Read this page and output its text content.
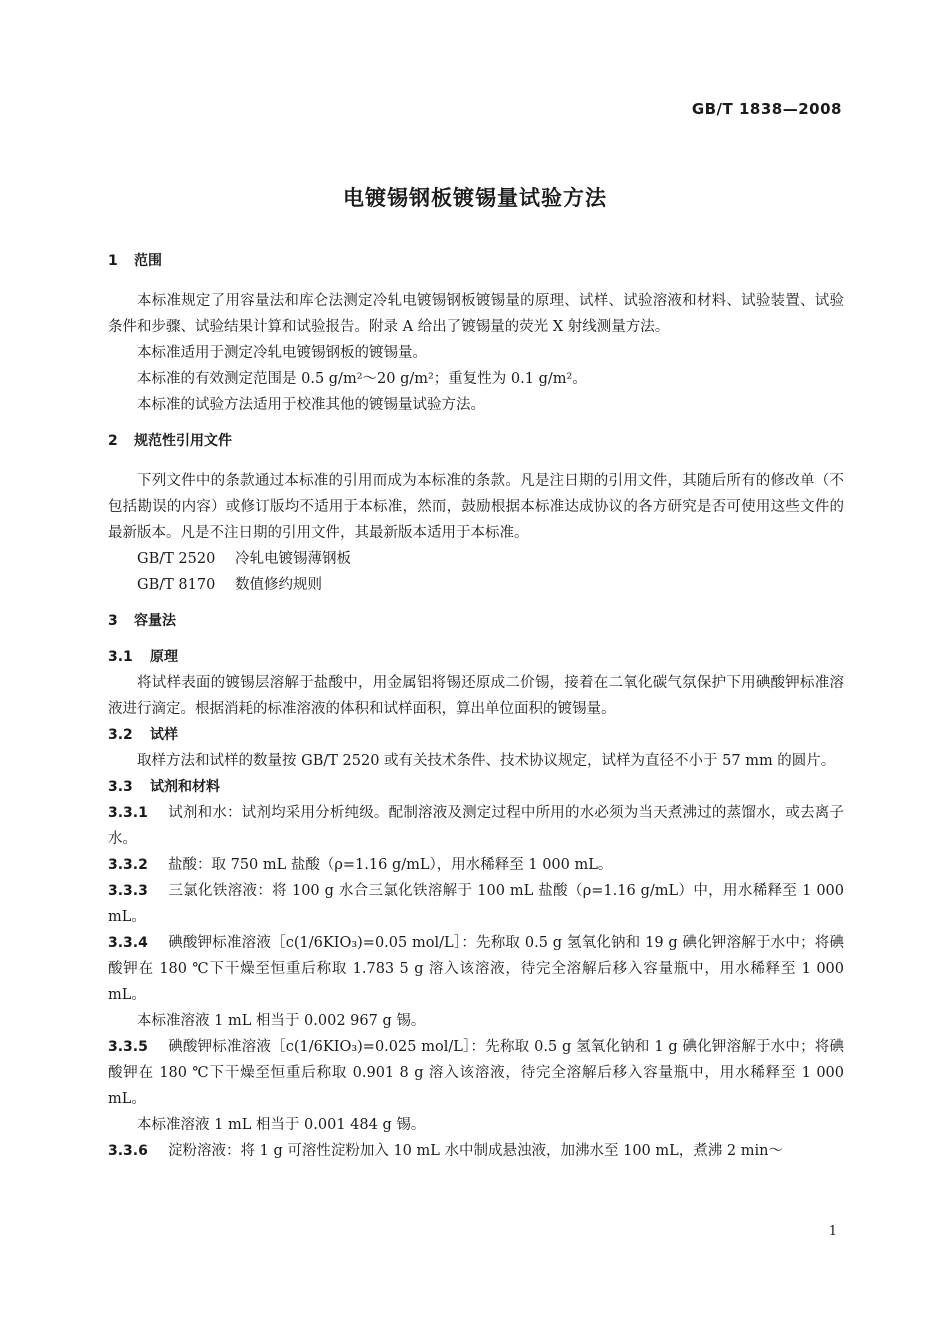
GB/T 1838—2008
电镀锡钢板镀锡量试验方法
1 范围
本标准规定了用容量法和库仑法测定冷轧电镀锡钢板镀锡量的原理、试样、试验溶液和材料、试验装置、试验条件和步骤、试验结果计算和试验报告。附录 A 给出了镀锡量的荧光 X 射线测量方法。
本标准适用于测定冷轧电镀锡钢板的镀锡量。
本标准的有效测定范围是 0.5 g/m²～20 g/m²；重复性为 0.1 g/m²。
本标准的试验方法适用于校准其他的镀锡量试验方法。
2 规范性引用文件
下列文件中的条款通过本标准的引用而成为本标准的条款。凡是注日期的引用文件，其随后所有的修改单（不包括勘误的内容）或修订版均不适用于本标准，然而，鼓励根据本标准达成协议的各方研究是否可使用这些文件的最新版本。凡是不注日期的引用文件，其最新版本适用于本标准。
GB/T 2520 冷轧电镀锡薄钢板
GB/T 8170 数值修约规则
3 容量法
3.1 原理
将试样表面的镀锡层溶解于盐酸中，用金属铝将锡还原成二价锡，接着在二氧化碳气氛保护下用碘酸钾标准溶液进行滴定。根据消耗的标准溶液的体积和试样面积，算出单位面积的镀锡量。
3.2 试样
取样方法和试样的数量按 GB/T 2520 或有关技术条件、技术协议规定，试样为直径不小于 57 mm 的圆片。
3.3 试剂和材料
3.3.1 试剂和水：试剂均采用分析纯级。配制溶液及测定过程中所用的水必须为当天煮沸过的蒸馏水，或去离子水。
3.3.2 盐酸：取 750 mL 盐酸（ρ=1.16 g/mL），用水稀释至 1 000 mL。
3.3.3 三氯化铁溶液：将 100 g 水合三氯化铁溶解于 100 mL 盐酸（ρ=1.16 g/mL）中，用水稀释至 1 000 mL。
3.3.4 碘酸钾标准溶液［c(1/6KIO₃)=0.05 mol/L］：先称取 0.5 g 氢氧化钠和 19 g 碘化钾溶解于水中；将碘酸钾在 180 ℃下干燥至恒重后称取 1.783 5 g 溶入该溶液，待完全溶解后移入容量瓶中，用水稀释至 1 000 mL。
本标准溶液 1 mL 相当于 0.002 967 g 锡。
3.3.5 碘酸钾标准溶液［c(1/6KIO₃)=0.025 mol/L］：先称取 0.5 g 氢氧化钠和 1 g 碘化钾溶解于水中；将碘酸钾在 180 ℃下干燥至恒重后称取 0.901 8 g 溶入该溶液，待完全溶解后移入容量瓶中，用水稀释至 1 000 mL。
本标准溶液 1 mL 相当于 0.001 484 g 锡。
3.3.6 淀粉溶液：将 1 g 可溶性淀粉加入 10 mL 水中制成悬浊液，加沸水至 100 mL，煮沸 2 min～
1
